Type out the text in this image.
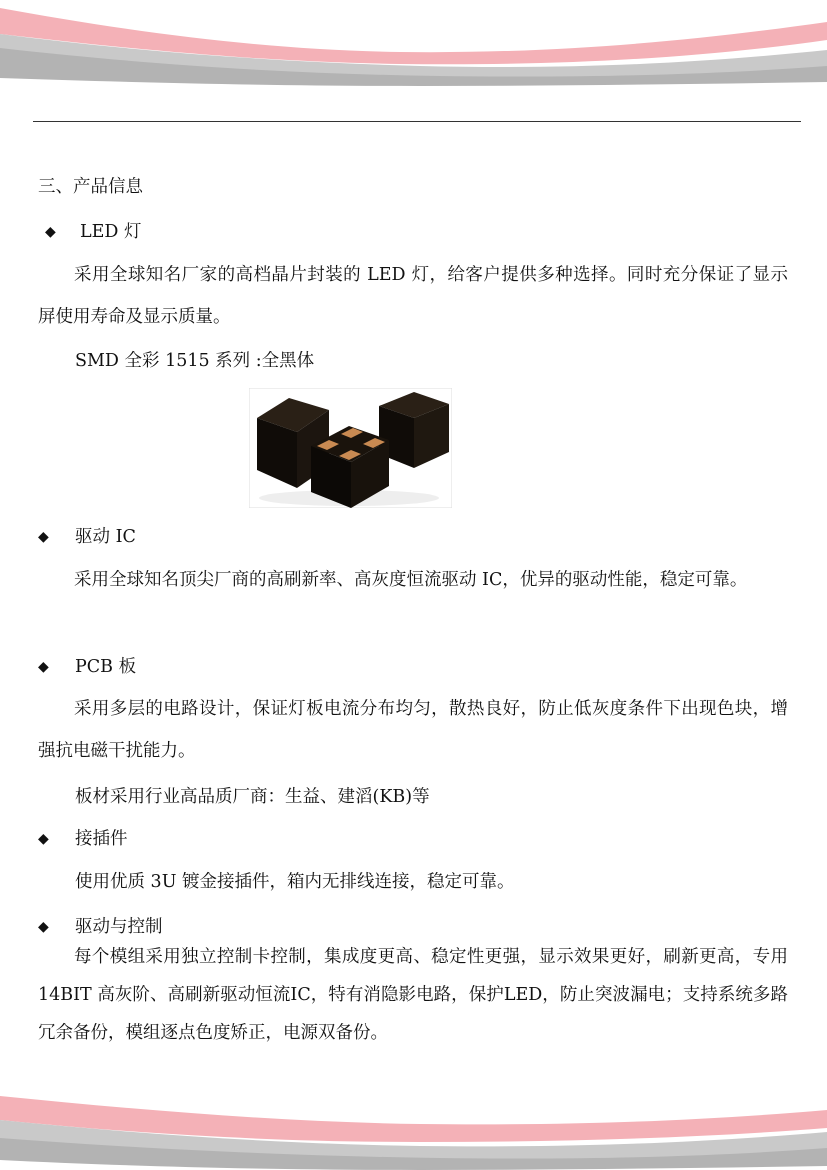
三、产品信息
◆ LED 灯
采用全球知名厂家的高档晶片封装的 LED 灯，给客户提供多种选择。同时充分保证了显示屏使用寿命及显示质量。
SMD 全彩 1515 系列 :全黑体
◆ 驱动 IC
采用全球知名顶尖厂商的高刷新率、高灰度恒流驱动 IC，优异的驱动性能，稳定可靠。
◆ PCB 板
采用多层的电路设计，保证灯板电流分布均匀，散热良好，防止低灰度条件下出现色块，增强抗电磁干扰能力。
板材采用行业高品质厂商：生益、建滔(KB)等
◆ 接插件
使用优质 3U 镀金接插件，箱内无排线连接，稳定可靠。
◆ 驱动与控制
每个模组采用独立控制卡控制，集成度更高、稳定性更强，显示效果更好，刷新更高，专用14BIT 高灰阶、高刷新驱动恒流IC，特有消隐影电路，保护LED，防止突波漏电；支持系统多路冗余备份，模组逐点色度矫正，电源双备份。
